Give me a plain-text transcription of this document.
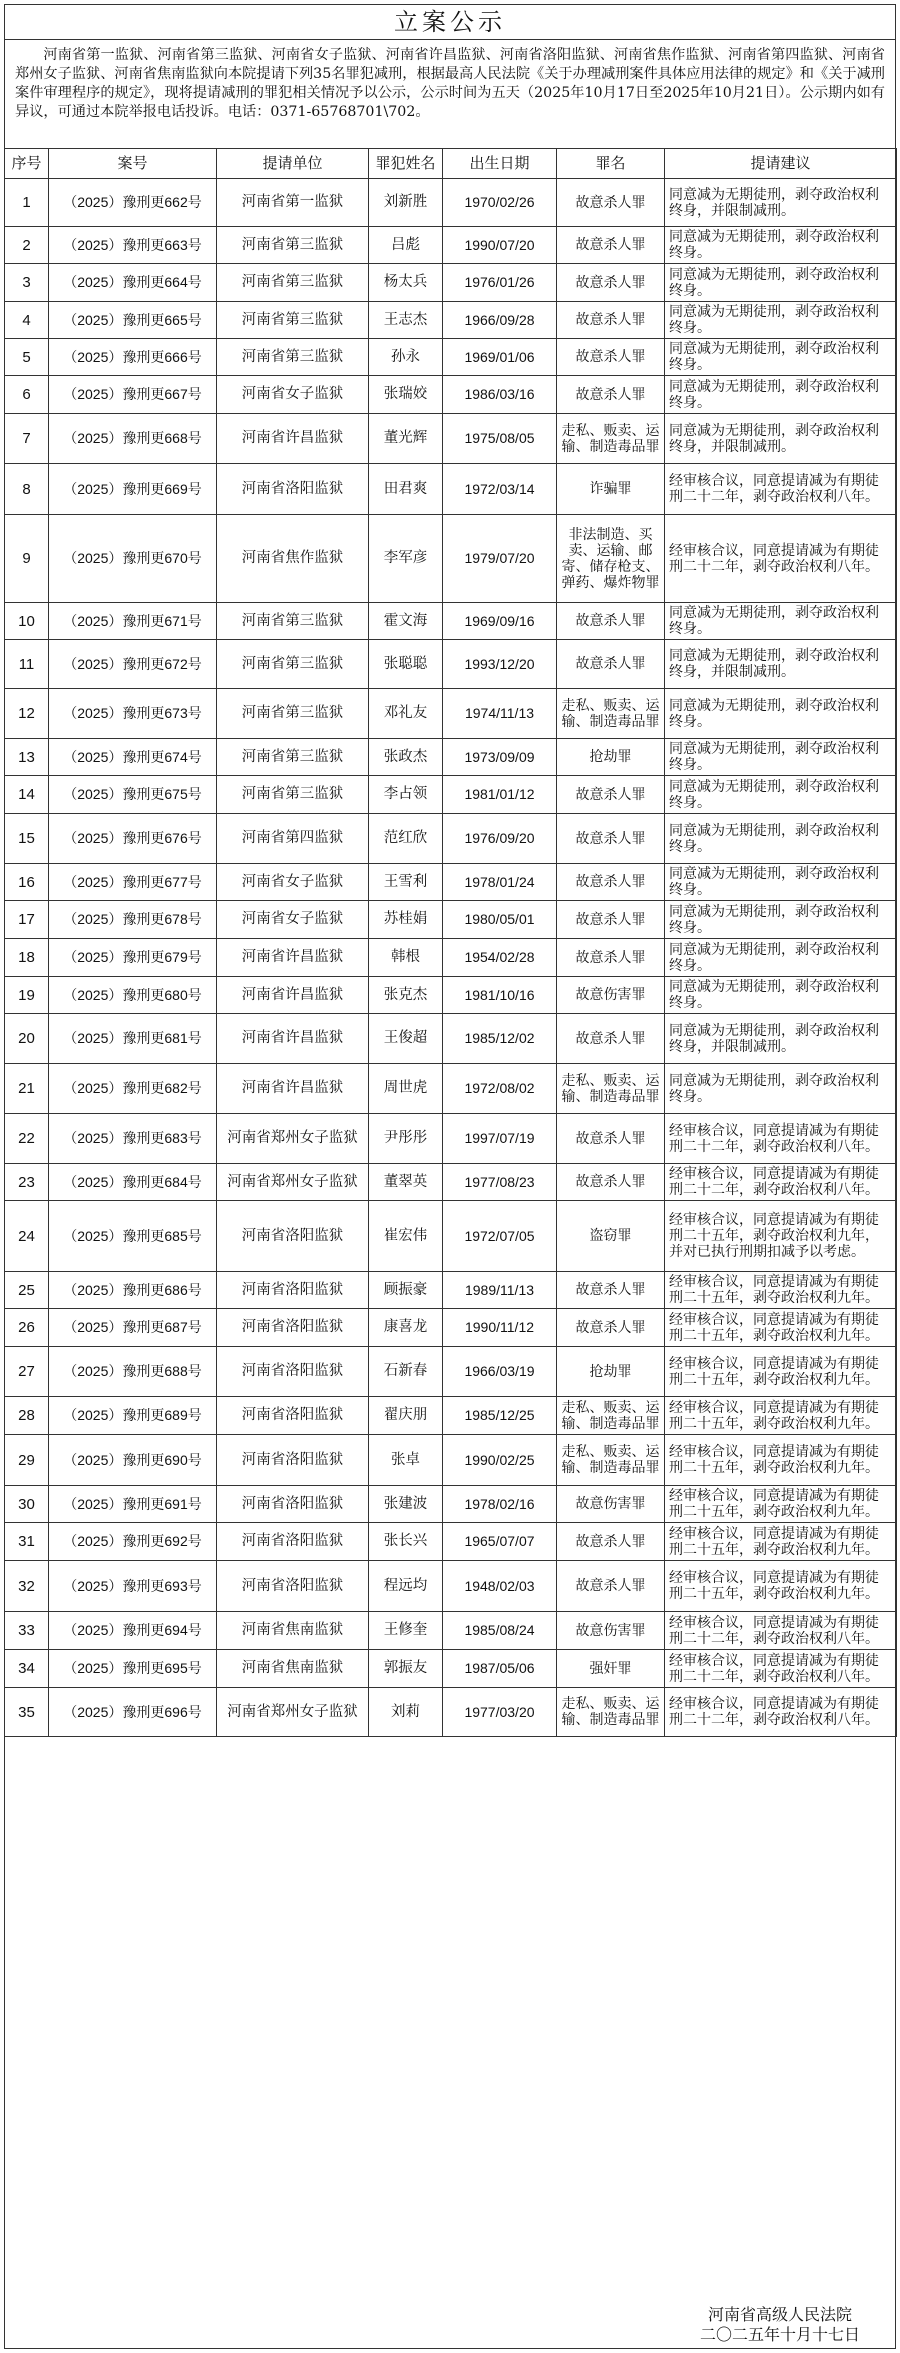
立案公示
河南省第一监狱、河南省第三监狱、河南省女子监狱、河南省许昌监狱、河南省洛阳监狱、河南省焦作监狱、河南省第四监狱、河南省郑州女子监狱、河南省焦南监狱向本院提请下列35名罪犯减刑，根据最高人民法院《关于办理减刑案件具体应用法律的规定》和《关于减刑案件审理程序的规定》，现将提请减刑的罪犯相关情况予以公示，公示时间为五天（2025年10月17日至2025年10月21日）。公示期内如有异议，可通过本院举报电话投诉。电话：0371-65768701\702。
序号	案号	提请单位	罪犯姓名	出生日期	罪名	提请建议
1	（2025）豫刑更662号	河南省第一监狱	刘新胜	1970/02/26	故意杀人罪	同意减为无期徒刑，剥夺政治权利终身，并限制减刑。
2	（2025）豫刑更663号	河南省第三监狱	吕彪	1990/07/20	故意杀人罪	同意减为无期徒刑，剥夺政治权利终身。
3	（2025）豫刑更664号	河南省第三监狱	杨太兵	1976/01/26	故意杀人罪	同意减为无期徒刑，剥夺政治权利终身。
4	（2025）豫刑更665号	河南省第三监狱	王志杰	1966/09/28	故意杀人罪	同意减为无期徒刑，剥夺政治权利终身。
5	（2025）豫刑更666号	河南省第三监狱	孙永	1969/01/06	故意杀人罪	同意减为无期徒刑，剥夺政治权利终身。
6	（2025）豫刑更667号	河南省女子监狱	张瑞姣	1986/03/16	故意杀人罪	同意减为无期徒刑，剥夺政治权利终身。
7	（2025）豫刑更668号	河南省许昌监狱	董光辉	1975/08/05	走私、贩卖、运输、制造毒品罪	同意减为无期徒刑，剥夺政治权利终身，并限制减刑。
8	（2025）豫刑更669号	河南省洛阳监狱	田君爽	1972/03/14	诈骗罪	经审核合议，同意提请减为有期徒刑二十二年，剥夺政治权利八年。
9	（2025）豫刑更670号	河南省焦作监狱	李军彦	1979/07/20	非法制造、买卖、运输、邮寄、储存枪支、弹药、爆炸物罪	经审核合议，同意提请减为有期徒刑二十二年，剥夺政治权利八年。
10	（2025）豫刑更671号	河南省第三监狱	霍文海	1969/09/16	故意杀人罪	同意减为无期徒刑，剥夺政治权利终身。
11	（2025）豫刑更672号	河南省第三监狱	张聪聪	1993/12/20	故意杀人罪	同意减为无期徒刑，剥夺政治权利终身，并限制减刑。
12	（2025）豫刑更673号	河南省第三监狱	邓礼友	1974/11/13	走私、贩卖、运输、制造毒品罪	同意减为无期徒刑，剥夺政治权利终身。
13	（2025）豫刑更674号	河南省第三监狱	张政杰	1973/09/09	抢劫罪	同意减为无期徒刑，剥夺政治权利终身。
14	（2025）豫刑更675号	河南省第三监狱	李占领	1981/01/12	故意杀人罪	同意减为无期徒刑，剥夺政治权利终身。
15	（2025）豫刑更676号	河南省第四监狱	范红欣	1976/09/20	故意杀人罪	同意减为无期徒刑，剥夺政治权利终身。
16	（2025）豫刑更677号	河南省女子监狱	王雪利	1978/01/24	故意杀人罪	同意减为无期徒刑，剥夺政治权利终身。
17	（2025）豫刑更678号	河南省女子监狱	苏桂娟	1980/05/01	故意杀人罪	同意减为无期徒刑，剥夺政治权利终身。
18	（2025）豫刑更679号	河南省许昌监狱	韩根	1954/02/28	故意杀人罪	同意减为无期徒刑，剥夺政治权利终身。
19	（2025）豫刑更680号	河南省许昌监狱	张克杰	1981/10/16	故意伤害罪	同意减为无期徒刑，剥夺政治权利终身。
20	（2025）豫刑更681号	河南省许昌监狱	王俊超	1985/12/02	故意杀人罪	同意减为无期徒刑，剥夺政治权利终身，并限制减刑。
21	（2025）豫刑更682号	河南省许昌监狱	周世虎	1972/08/02	走私、贩卖、运输、制造毒品罪	同意减为无期徒刑，剥夺政治权利终身。
22	（2025）豫刑更683号	河南省郑州女子监狱	尹彤彤	1997/07/19	故意杀人罪	经审核合议，同意提请减为有期徒刑二十二年，剥夺政治权利八年。
23	（2025）豫刑更684号	河南省郑州女子监狱	董翠英	1977/08/23	故意杀人罪	经审核合议，同意提请减为有期徒刑二十二年，剥夺政治权利八年。
24	（2025）豫刑更685号	河南省洛阳监狱	崔宏伟	1972/07/05	盗窃罪	经审核合议，同意提请减为有期徒刑二十五年，剥夺政治权利九年，并对已执行刑期扣减予以考虑。
25	（2025）豫刑更686号	河南省洛阳监狱	顾振豪	1989/11/13	故意杀人罪	经审核合议，同意提请减为有期徒刑二十五年，剥夺政治权利九年。
26	（2025）豫刑更687号	河南省洛阳监狱	康喜龙	1990/11/12	故意杀人罪	经审核合议，同意提请减为有期徒刑二十五年，剥夺政治权利九年。
27	（2025）豫刑更688号	河南省洛阳监狱	石新春	1966/03/19	抢劫罪	经审核合议，同意提请减为有期徒刑二十五年，剥夺政治权利九年。
28	（2025）豫刑更689号	河南省洛阳监狱	翟庆朋	1985/12/25	走私、贩卖、运输、制造毒品罪	经审核合议，同意提请减为有期徒刑二十五年，剥夺政治权利九年。
29	（2025）豫刑更690号	河南省洛阳监狱	张卓	1990/02/25	走私、贩卖、运输、制造毒品罪	经审核合议，同意提请减为有期徒刑二十五年，剥夺政治权利九年。
30	（2025）豫刑更691号	河南省洛阳监狱	张建波	1978/02/16	故意伤害罪	经审核合议，同意提请减为有期徒刑二十五年，剥夺政治权利九年。
31	（2025）豫刑更692号	河南省洛阳监狱	张长兴	1965/07/07	故意杀人罪	经审核合议，同意提请减为有期徒刑二十五年，剥夺政治权利九年。
32	（2025）豫刑更693号	河南省洛阳监狱	程远均	1948/02/03	故意杀人罪	经审核合议，同意提请减为有期徒刑二十五年，剥夺政治权利九年。
33	（2025）豫刑更694号	河南省焦南监狱	王修奎	1985/08/24	故意伤害罪	经审核合议，同意提请减为有期徒刑二十二年，剥夺政治权利八年。
34	（2025）豫刑更695号	河南省焦南监狱	郭振友	1987/05/06	强奸罪	经审核合议，同意提请减为有期徒刑二十二年，剥夺政治权利八年。
35	（2025）豫刑更696号	河南省郑州女子监狱	刘莉	1977/03/20	走私、贩卖、运输、制造毒品罪	经审核合议，同意提请减为有期徒刑二十二年，剥夺政治权利八年。
河南省高级人民法院
二〇二五年十月十七日
